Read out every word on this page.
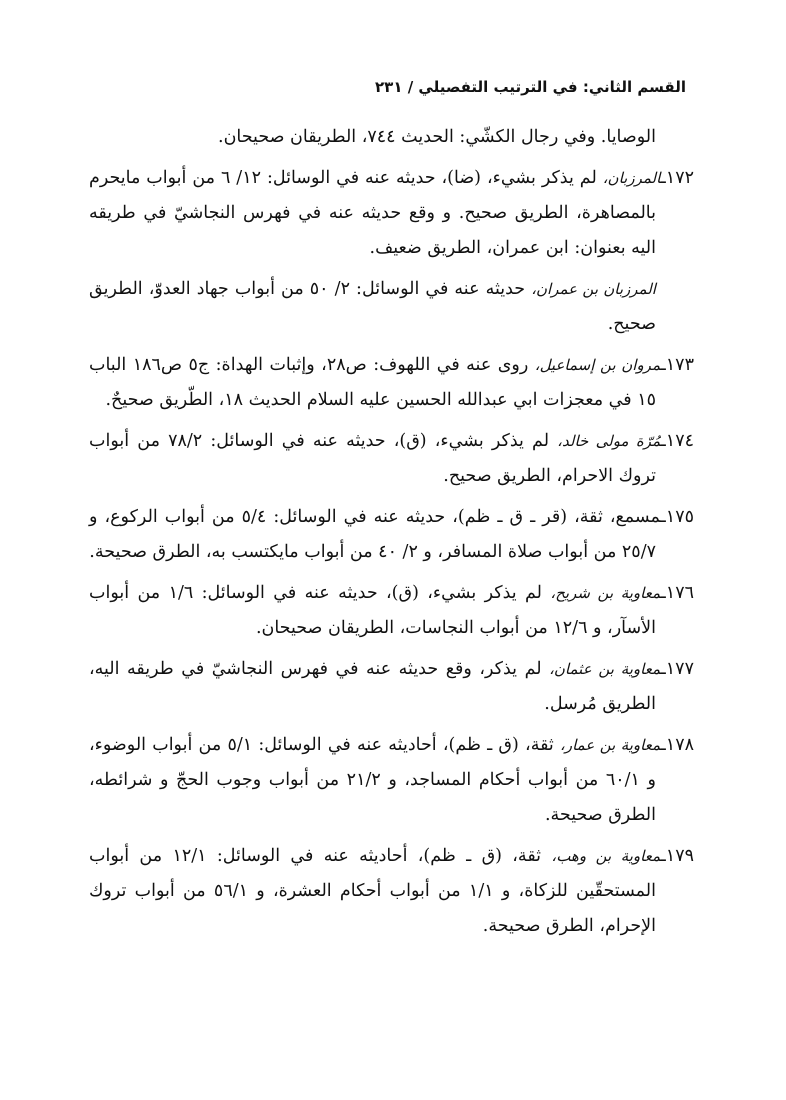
القسم الثاني: في الترتيب التفصيلي / ٢٣١

الوصايا. وفي رجال الكشّي: الحديث ٧٤٤، الطريقان صحيحان.

١٧٢ـالمرزبان، لم يذكر بشيء، (ضا)، حديثه عنه في الوسائل: ١٢/ ٦ من أبواب مايحرم بالمصاهرة، الطريق صحيح. و وقع حديثه عنه في فهرس النجاشيّ في طريقه اليه بعنوان: ابن عمران، الطريق ضعيف.

المرزبان بن عمران، حديثه عنه في الوسائل: ٢/ ٥٠ من أبواب جهاد العدوّ، الطريق صحيح.

١٧٣ـمروان بن إسماعيل، روى عنه في اللهوف: ص٢٨، وإثبات الهداة: ج٥ ص١٨٦ الباب ١٥ في معجزات ابي عبدالله الحسين عليه السلام الحديث ١٨، الطّريق صحيحٌ.

١٧٤ـمُرّة مولى خالد، لم يذكر بشيء، (ق)، حديثه عنه في الوسائل: ٧٨/٢ من أبواب تروك الاحرام، الطريق صحيح.

١٧٥ـمسمع، ثقة، (قر ـ ق ـ ظم)، حديثه عنه في الوسائل: ٥/٤ من أبواب الركوع، و ٢٥/٧ من أبواب صلاة المسافر، و ٢/ ٤٠ من أبواب مايكتسب به، الطرق صحيحة.

١٧٦ـمعاوية بن شريح، لم يذكر بشيء، (ق)، حديثه عنه في الوسائل: ١/٦ من أبواب الأسآر، و ١٢/٦ من أبواب النجاسات، الطريقان صحيحان.

١٧٧ـمعاوية بن عثمان، لم يذكر، وقع حديثه عنه في فهرس النجاشيّ في طريقه اليه، الطريق مُرسل.

١٧٨ـمعاوية بن عمار، ثقة، (ق ـ ظم)، أحاديثه عنه في الوسائل: ٥/١ من أبواب الوضوء، و ٦٠/١ من أبواب أحكام المساجد، و ٢١/٢ من أبواب وجوب الحجّ و شرائطه، الطرق صحيحة.

١٧٩ـمعاوية بن وهب، ثقة، (ق ـ ظم)، أحاديثه عنه في الوسائل: ١٢/١ من أبواب المستحقّين للزكاة، و ١/١ من أبواب أحكام العشرة، و ٥٦/١ من أبواب تروك الإحرام، الطرق صحيحة.
